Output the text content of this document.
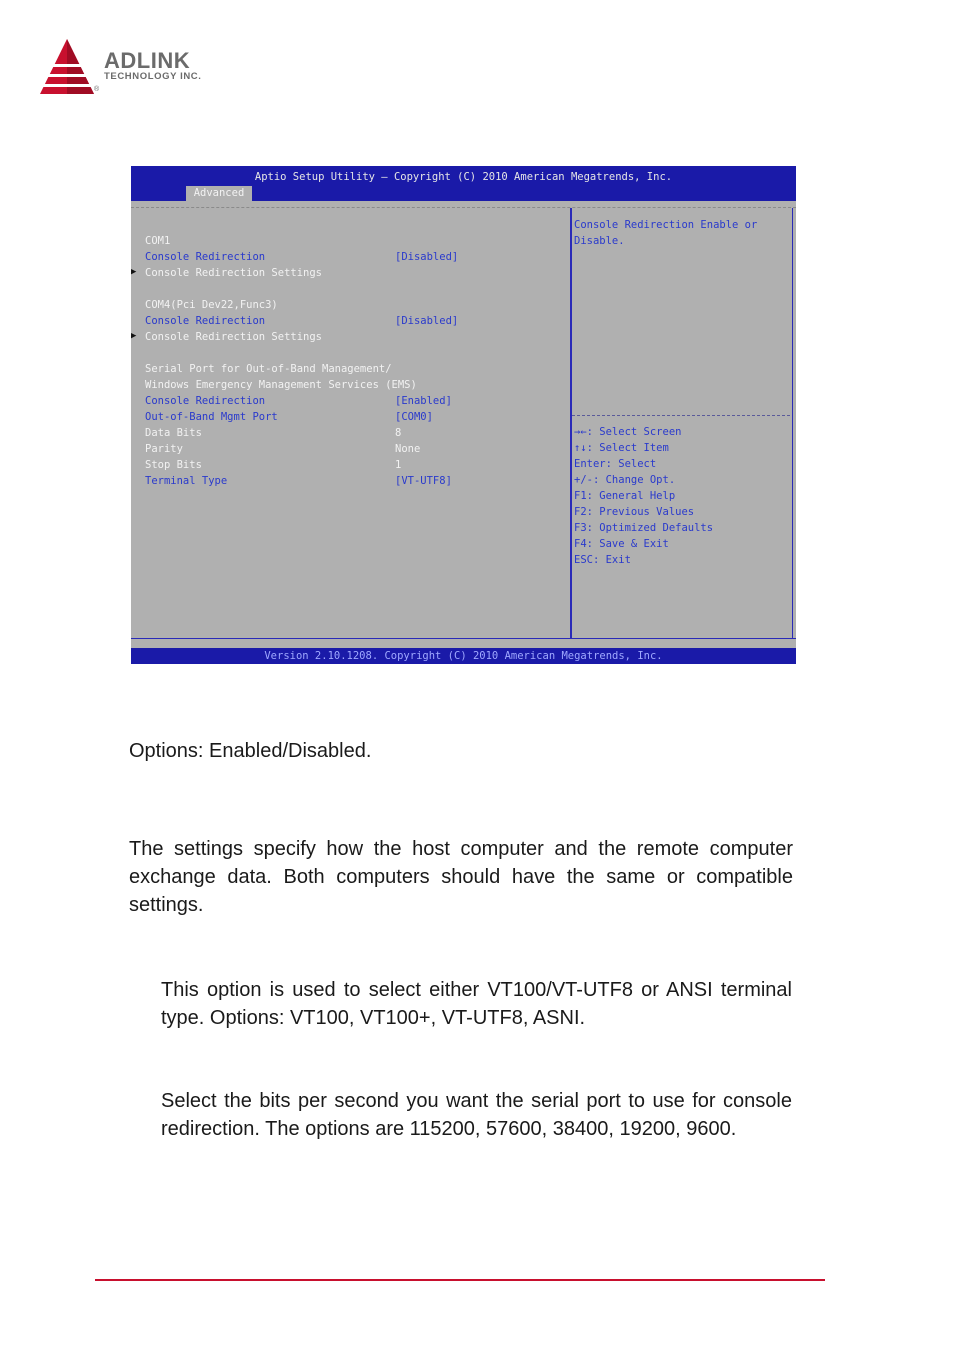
ADLINK
TECHNOLOGY INC.
®
Aptio Setup Utility – Copyright (C) 2010 American Megatrends, Inc.
Advanced
COM1
Console Redirection	[Disabled]
▶ Console Redirection Settings
COM4(Pci Dev22,Func3)
Console Redirection	[Disabled]
▶ Console Redirection Settings
Serial Port for Out-of-Band Management/
Windows Emergency Management Services (EMS)
Console Redirection	[Enabled]
Out-of-Band Mgmt Port	[COM0]
Data Bits	8
Parity	None
Stop Bits	1
Terminal Type	[VT-UTF8]
Console Redirection Enable or
Disable.
→←: Select Screen
↑↓: Select Item
Enter: Select
+/-: Change Opt.
F1: General Help
F2: Previous Values
F3: Optimized Defaults
F4: Save & Exit
ESC: Exit
Version 2.10.1208. Copyright (C) 2010 American Megatrends, Inc.
Options: Enabled/Disabled.
The settings specify how the host computer and the remote computer exchange data. Both computers should have the same or compatible settings.
This option is used to select either VT100/VT-UTF8 or ANSI terminal type. Options: VT100, VT100+, VT-UTF8, ASNI.
Select the bits per second you want the serial port to use for console redirection. The options are 115200, 57600, 38400, 19200, 9600.
